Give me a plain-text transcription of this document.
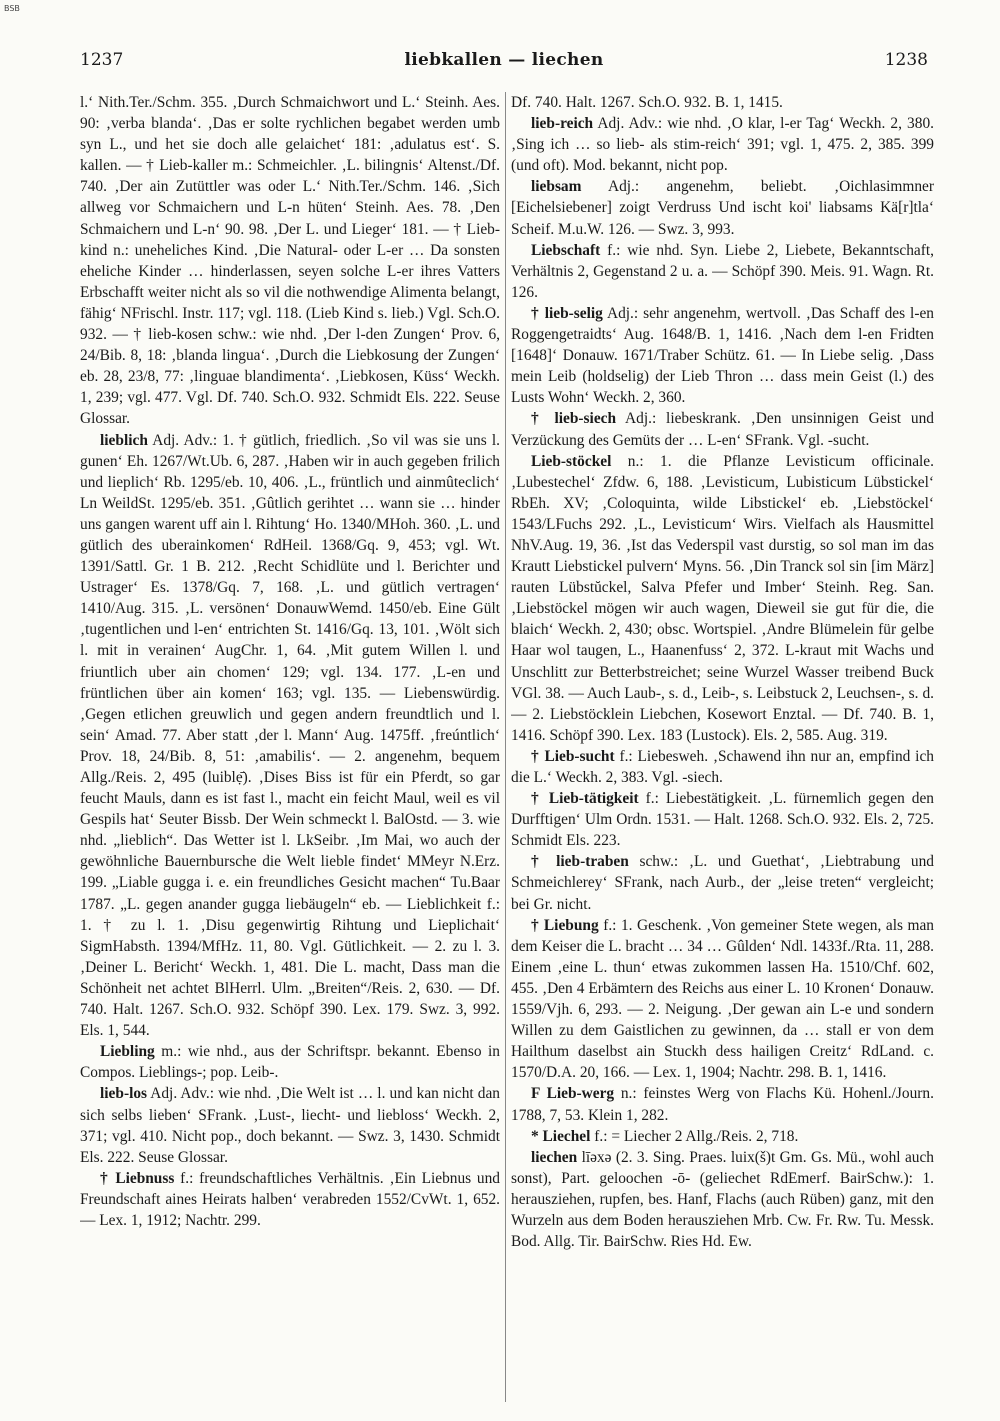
BSB
1237	liebkallen — liechen	1238

l.‘ Nith.Ter./Schm. 355. ‚Durch Schmaichwort und L.‘ Steinh. Aes. 90: ‚verba blanda‘. ‚Das er solte rychlichen begabet werden umb syn L., und het sie doch alle gelaichet‘ 181: ‚adulatus est‘. S. kallen. — † Lieb-kaller m.: Schmeichler. ‚L. bilingnis‘ Altenst./Df. 740. ‚Der ain Zutüttler was oder L.‘ Nith.Ter./Schm. 146. ‚Sich allweg vor Schmaichern und L-n hüten‘ Steinh. Aes. 78. ‚Den Schmaichern und L-n‘ 90. 98. ‚Der L. und Lieger‘ 181. — † Lieb-kind n.: uneheliches Kind. ‚Die Natural- oder L-er … Da sonsten eheliche Kinder … hinderlassen, seyen solche L-er ihres Vatters Erbschafft weiter nicht als so vil die nothwendige Alimenta belangt, fähig‘ NFrischl. Instr. 117; vgl. 118. (Lieb Kind s. lieb.) Vgl. Sch.O. 932. — † lieb-kosen schw.: wie nhd. ‚Der l-den Zungen‘ Prov. 6, 24/Bib. 8, 18: ‚blanda lingua‘. ‚Durch die Liebkosung der Zungen‘ eb. 28, 23/8, 77: ‚linguae blandimenta‘. ‚Liebkosen, Küss‘ Weckh. 1, 239; vgl. 477. Vgl. Df. 740. Sch.O. 932. Schmidt Els. 222. Seuse Glossar.

lieblich Adj. Adv.: 1. † gütlich, friedlich. ‚So vil was sie uns l. gunen‘ Eh. 1267/Wt.Ub. 6, 287. ‚Haben wir in auch gegeben frilich und liepliсh‘ Rb. 1295/eb. 10, 406. ‚L., früntlich und ainmûtеclich‘ Ln WeildSt. 1295/eb. 351. ‚Gûtlich gerihtet … wann sie … hinder uns gangen warent uff ain l. Rihtung‘ Ho. 1340/MHoh. 360. ‚L. und gütlich des uberainkomen‘ RdHeil. 1368/Gq. 9, 453; vgl. Wt. 1391/Sattl. Gr. 1 B. 212. ‚Recht Schidlüte und l. Berichter und Ustrager‘ Es. 1378/Gq. 7, 168. ‚L. und gütlich vertragen‘ 1410/Aug. 315. ‚L. versönen‘ DonauwWemd. 1450/eb. Eine Gült ‚tugentlichen und l-en‘ entrichten St. 1416/Gq. 13, 101. ‚Wölt sich l. mit in verainen‘ AugChr. 1, 64. ‚Mit gutem Willen l. und friuntlich uber ain chomen‘ 129; vgl. 134. 177. ‚L-en und früntlichen über ain komen‘ 163; vgl. 135. — Liebenswürdig. ‚Gegen etlichen greuwlich und gegen andern freundtlich und l. sein‘ Amad. 77. Aber statt ‚der l. Mann‘ Aug. 1475ff. ‚freúntlich‘ Prov. 18, 24/Bib. 8, 51: ‚amabilis‘. — 2. angenehm, bequem Allg./Reis. 2, 495 (luiblẹ̄). ‚Dises Biss ist für ein Pferdt, so gar feucht Mauls, dann es ist fast l., macht ein feicht Maul, weil es vil Gespils hat‘ Seuter Bissb. Der Wein schmeckt l. BalOstd. — 3. wie nhd. „lieblich“. Das Wetter ist l. LkSeibr. ‚Im Mai, wo auch der gewöhnliche Bauernbursche die Welt lieble findet‘ MMeyr N.Erz. 199. „Liable gugga i. e. ein freundliches Gesicht machen“ Tu.Baar 1787. „L. gegen anander gugga liebäugeln“ eb. — Lieblichkeit f.: 1. † zu l. 1. ‚Disu gegenwirtig Rihtung und Lieplichait‘ SigmHabsth. 1394/MfHz. 11, 80. Vgl. Gütlichkeit. — 2. zu l. 3. ‚Deiner L. Bericht‘ Weckh. 1, 481. Die L. macht, Dass man die Schönheit net achtet BlHerrl. Ulm. „Breiten“/Reis. 2, 630. — Df. 740. Halt. 1267. Sch.O. 932. Schöpf 390. Lex. 179. Swz. 3, 992. Els. 1, 544.

Liebling m.: wie nhd., aus der Schriftspr. bekannt. Ebenso in Compos. Lieblings-; pop. Leib-.

lieb-los Adj. Adv.: wie nhd. ‚Die Welt ist … l. und kan nicht dan sich selbs lieben‘ SFrank. ‚Lust-, liecht- und liebloss‘ Weckh. 2, 371; vgl. 410. Nicht pop., doch bekannt. — Swz. 3, 1430. Schmidt Els. 222. Seuse Glossar.

† Liebnuss f.: freundschaftliches Verhältnis. ‚Ein Liebnus und Freundschaft aines Heirats halben‘ verabreden 1552/CvWt. 1, 652. — Lex. 1, 1912; Nachtr. 299.

Df. 740. Halt. 1267. Sch.O. 932. B. 1, 1415.

lieb-reich Adj. Adv.: wie nhd. ‚O klar, l-er Tag‘ Weckh. 2, 380. ‚Sing ich … so lieb- als stim-reich‘ 391; vgl. 1, 475. 2, 385. 399 (und oft). Mod. bekannt, nicht pop.

liebsam Adj.: angenehm, beliebt. ‚Oichlasimmner [Eichelsiebener] zoigt Verdruss Und ischt koi' liabsams Kä[r]tla‘ Scheif. M.u.W. 126. — Swz. 3, 993.

Liebschaft f.: wie nhd. Syn. Liebe 2, Liebete, Bekanntschaft, Verhältnis 2, Gegenstand 2 u. a. — Schöpf 390. Meis. 91. Wagn. Rt. 126.

† lieb-selig Adj.: sehr angenehm, wertvoll. ‚Das Schaff des l-en Roggengetraidts‘ Aug. 1648/B. 1, 1416. ‚Nach dem l-en Fridten [1648]‘ Donauw. 1671/Traber Schütz. 61. — In Liebe selig. ‚Dass mein Leib (holdselig) der Lieb Thron … dass mein Geist (l.) des Lusts Wohn‘ Weckh. 2, 360.

† lieb-siech Adj.: liebeskrank. ‚Den unsinnigen Geist und Verzückung des Gemüts der … L-en‘ SFrank. Vgl. -sucht.

Lieb-stöckel n.: 1. die Pflanze Levisticum officinale. ‚Lubestechel‘ Zfdw. 6, 188. ‚Levisticum, Lubisticum Lübstickel‘ RbEh. XV; ‚Coloquinta, wilde Libstickel‘ eb. ‚Liebstöckel‘ 1543/LFuchs 292. ‚L., Levisticum‘ Wirs. Vielfach als Hausmittel NhV.Aug. 19, 36. ‚Ist das Vederspil vast durstig, so sol man im das Krautt Liebstickel pulvern‘ Myns. 56. ‚Din Tranck sol sin [im März] rauten Lübstŭckel, Salva Pfefer und Imber‘ Steinh. Reg. San. ‚Liebstöckel mögen wir auch wagen, Dieweil sie gut für die, die blaich‘ Weckh. 2, 430; obsc. Wortspiel. ‚Andre Blümelein für gelbe Haar wol taugen, L., Haanenfuss‘ 2, 372. L-kraut mit Wachs und Unschlitt zur Betterbstreichet; seine Wurzel Wasser treibend Buck VGl. 38. — Auch Laub-, s. d., Leib-, s. Leibstuck 2, Leuchsen-, s. d. — 2. Liebstöcklein Liebchen, Kosewort Enztal. — Df. 740. B. 1, 1416. Schöpf 390. Lex. 183 (Lustock). Els. 2, 585. Aug. 319.

† Lieb-sucht f.: Liebesweh. ‚Schawend ihn nur an, empfind ich die L.‘ Weckh. 2, 383. Vgl. -siech.

† Lieb-tätigkeit f.: Liebestätigkeit. ‚L. fürnemlich gegen den Durfftigen‘ Ulm Ordn. 1531. — Halt. 1268. Sch.O. 932. Els. 2, 725. Schmidt Els. 223.

† lieb-traben schw.: ‚L. und Guethat‘, ‚Liebtrabung und Schmeichlerey‘ SFrank, nach Aurb., der „leise treten“ vergleicht; bei Gr. nicht.

† Liebung f.: 1. Geschenk. ‚Von gemeiner Stete wegen, als man dem Keiser die L. bracht … 34 … Gûlden‘ Ndl. 1433f./Rta. 11, 288. Einem ‚eine L. thun‘ etwas zukommen lassen Ha. 1510/Chf. 602, 455. ‚Den 4 Erbämtern des Reichs aus einer L. 10 Kronen‘ Donauw. 1559/Vjh. 6, 293. — 2. Neigung. ‚Der gewan ain L-e und sondern Willen zu dem Gaistlichen zu gewinnen, da … stall er von dem Hailthum daselbst ain Stuckh dess hailigen Creitz‘ RdLand. c. 1570/D.A. 20, 166. — Lex. 1, 1904; Nachtr. 298. B. 1, 1416.

F Lieb-werg n.: feinstes Werg von Flachs Kü. Hohenl./Journ. 1788, 7, 53. Klein 1, 282.

* Liechel f.: = Liecher 2 Allg./Reis. 2, 718.

liechen līəxə (2. 3. Sing. Praes. luix(š)t Gm. Gs. Mü., wohl auch sonst), Part. geloochen -ō- (geliechet RdEmerf. BairSchw.): 1. herausziehen, rupfen, bes. Hanf, Flachs (auch Rüben) ganz, mit den Wurzeln aus dem Boden herausziehen Mrb. Cw. Fr. Rw. Tu. Messk. Bod. Allg. Tir. BairSchw. Ries Hd. Ew.
